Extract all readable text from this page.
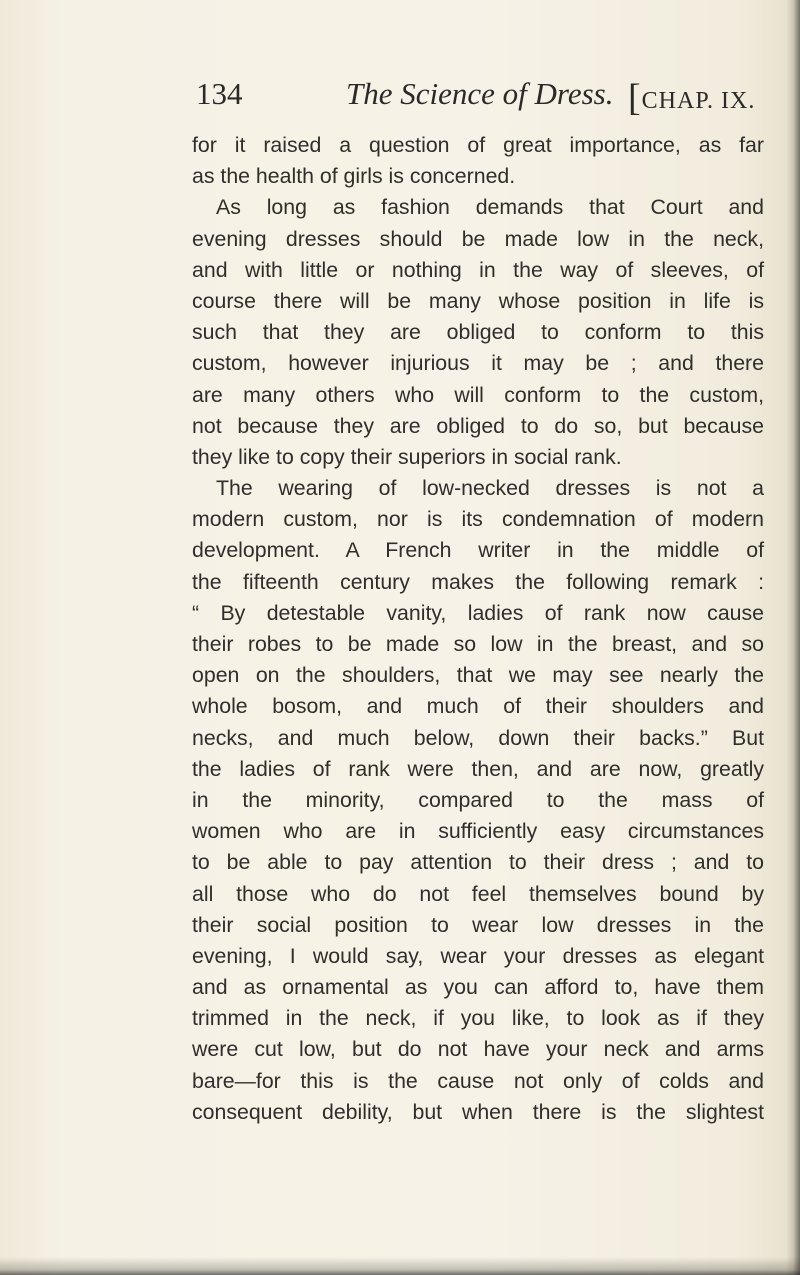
134	The Science of Dress. [CHAP. IX.
for it raised a question of great importance, as far
as the health of girls is concerned.
As long as fashion demands that Court and
evening dresses should be made low in the neck,
and with little or nothing in the way of sleeves, of
course there will be many whose position in life is
such that they are obliged to conform to this
custom, however injurious it may be ; and there
are many others who will conform to the custom,
not because they are obliged to do so, but because
they like to copy their superiors in social rank.
The wearing of low-necked dresses is not a
modern custom, nor is its condemnation of modern
development. A French writer in the middle of
the fifteenth century makes the following remark :
“ By detestable vanity, ladies of rank now cause
their robes to be made so low in the breast, and so
open on the shoulders, that we may see nearly the
whole bosom, and much of their shoulders and
necks, and much below, down their backs.” But
the ladies of rank were then, and are now, greatly
in the minority, compared to the mass of
women who are in sufficiently easy circumstances
to be able to pay attention to their dress ; and to
all those who do not feel themselves bound by
their social position to wear low dresses in the
evening, I would say, wear your dresses as elegant
and as ornamental as you can afford to, have them
trimmed in the neck, if you like, to look as if they
were cut low, but do not have your neck and arms
bare—for this is the cause not only of colds and
consequent debility, but when there is the slightest
